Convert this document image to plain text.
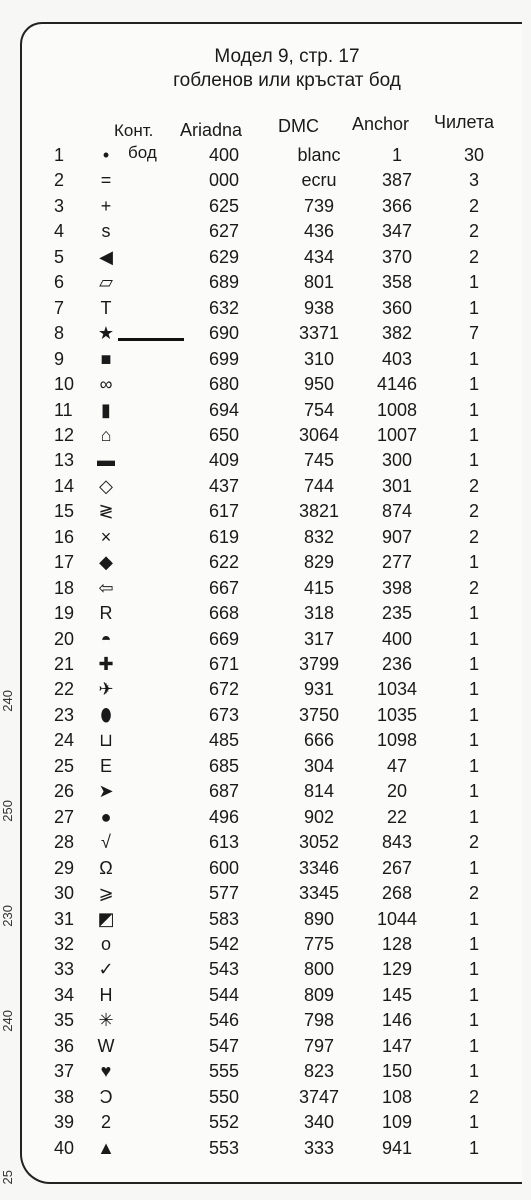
240
250
230
240
25
Модел 9, стр. 17
гобленов или кръстат бод
Конт.
бод
Ariadna DMC Anchor Чилета
1	•	400	blanc	1	30
2	=	000	ecru	387	3
3	+	625	739	366	2
4	s	627	436	347	2
5	◀	629	434	370	2
6	▱	689	801	358	1
7	T	632	938	360	1
8	★	690	3371	382	7
9	■	699	310	403	1
10	∞	680	950	4146	1
11	▮	694	754	1008	1
12	⌂	650	3064	1007	1
13	▬	409	745	300	1
14	◇	437	744	301	2
15	≷	617	3821	874	2
16	×	619	832	907	2
17	◆	622	829	277	1
18	⇦	667	415	398	2
19	R	668	318	235	1
20	◓	669	317	400	1
21	✚	671	3799	236	1
22	✈	672	931	1034	1
23	⬮	673	3750	1035	1
24	⊔	485	666	1098	1
25	E	685	304	47	1
26	➤	687	814	20	1
27	●	496	902	22	1
28	√	613	3052	843	2
29	Ω	600	3346	267	1
30	⩾	577	3345	268	2
31	◩	583	890	1044	1
32	o	542	775	128	1
33	✓	543	800	129	1
34	H	544	809	145	1
35	✳	546	798	146	1
36	W	547	797	147	1
37	♥	555	823	150	1
38	Ɔ	550	3747	108	2
39	2	552	340	109	1
40	▲	553	333	941	1
